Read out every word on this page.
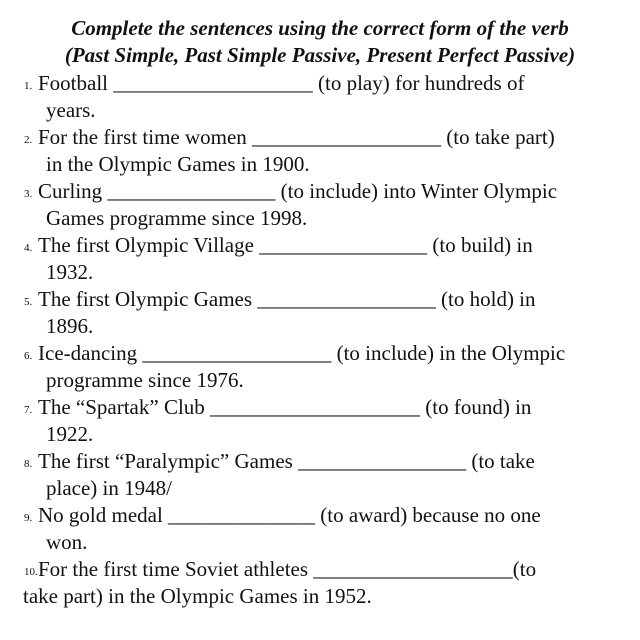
Complete the sentences using the correct form of the verb
(Past Simple, Past Simple Passive, Present Perfect Passive)
1. Football ___________________ (to play) for hundreds of
years.
2. For the first time women __________________ (to take part)
in the Olympic Games in 1900.
3. Curling ________________ (to include) into Winter Olympic
Games programme since 1998.
4. The first Olympic Village ________________ (to build) in
1932.
5. The first Olympic Games _________________ (to hold) in
1896.
6. Ice-dancing __________________ (to include) in the Olympic
programme since 1976.
7. The “Spartak” Club ____________________ (to found) in
1922.
8. The first “Paralympic” Games ________________ (to take
place) in 1948/
9. No gold medal ______________ (to award) because no one
won.
10. For the first time Soviet athletes ___________________(to
take part) in the Olympic Games in 1952.
